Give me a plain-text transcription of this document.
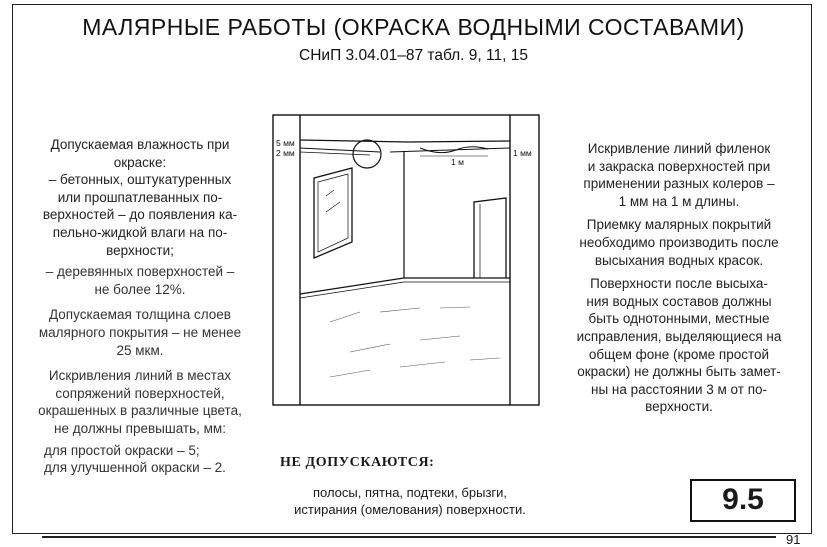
МАЛЯРНЫЕ РАБОТЫ (ОКРАСКА ВОДНЫМИ СОСТАВАМИ)
СНиП 3.04.01–87 табл. 9, 11, 15

Допускаемая влажность при
окраске:
– бетонных, оштукатуренных
или прошпатлеванных по-
верхностей – до появления ка-
пельно-жидкой влаги на по-
верхности;

– деревянных поверхностей –
не более 12%.

Допускаемая толщина слоев
малярного покрытия – не менее
25 мкм.

Искривления линий в местах
сопряжений поверхностей,
окрашенных в различные цвета,
не должны превышать, мм:

для простой окраски – 5;
для улучшенной окраски – 2.

5 мм
2 мм
1 м
1 мм	Искривление линий филенок
и закраска поверхностей при
применении разных колеров –
1 мм на 1 м длины.

Приемку малярных покрытий
необходимо производить после
высыхания водных красок.

Поверхности после высыха-
ния водных составов должны
быть однотонными, местные
исправления, выделяющиеся на
общем фоне (кроме простой
окраски) не должны быть замет-
ны на расстоянии 3 м от по-
верхности.

НЕ ДОПУСКАЮТСЯ:
полосы, пятна, подтеки, брызги,
истирания (омелования) поверхности.	9.5
91
